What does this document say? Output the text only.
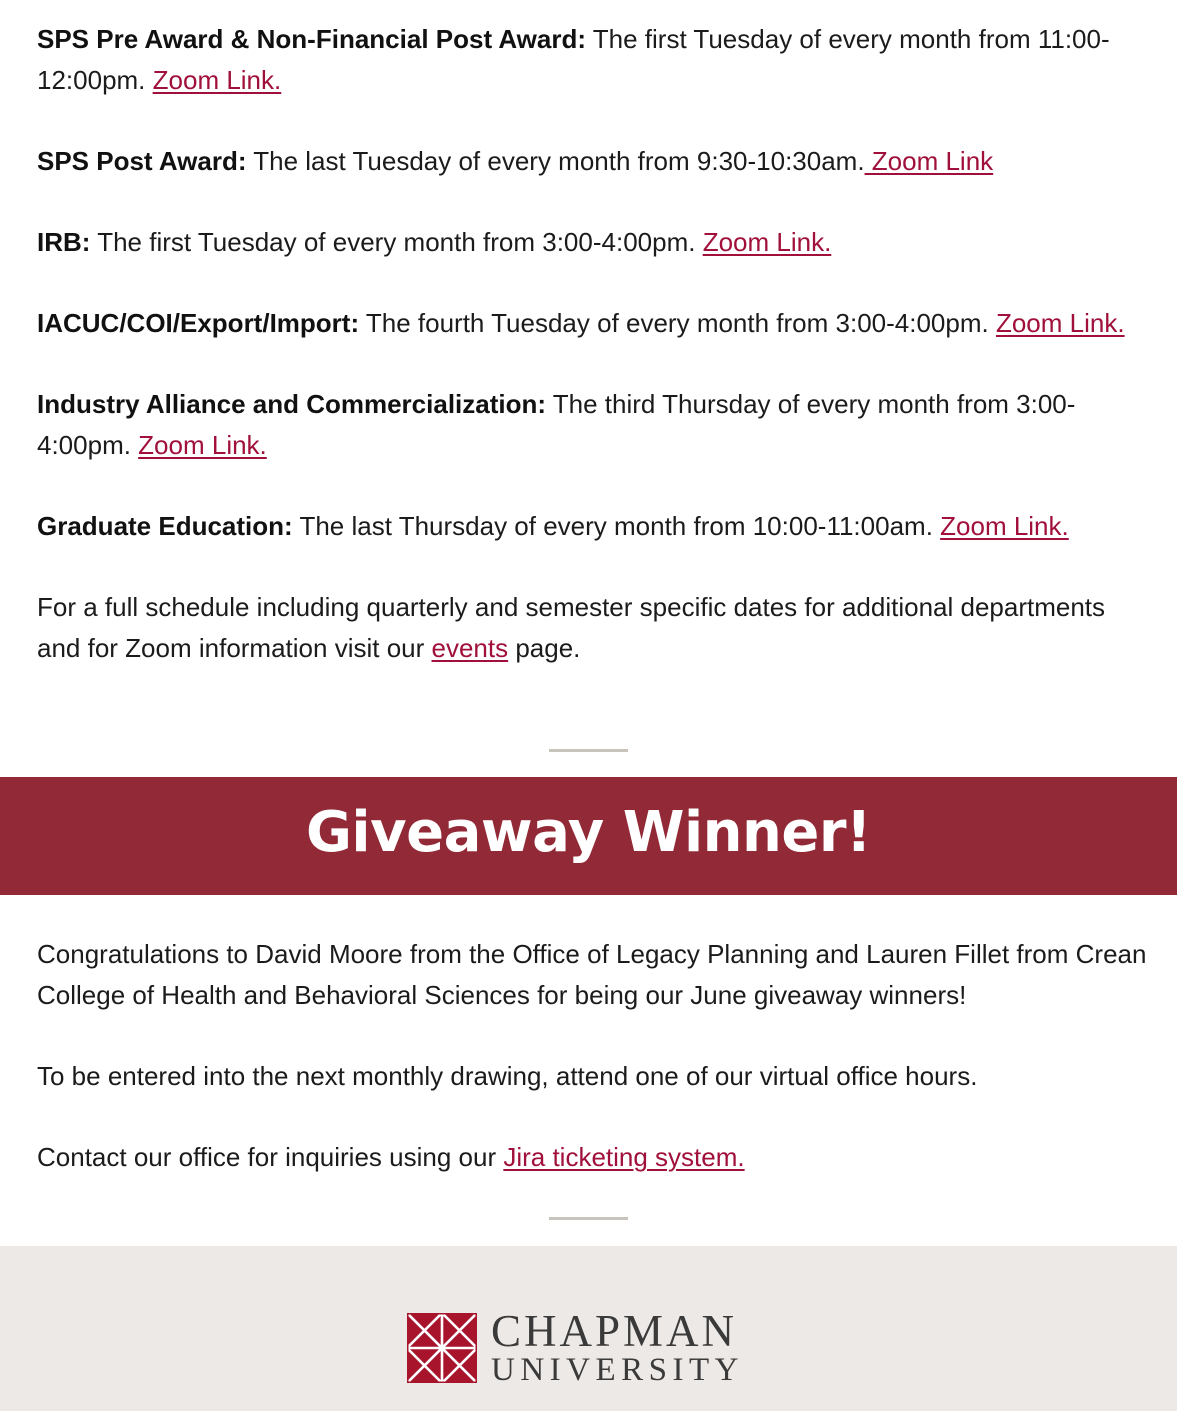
SPS Pre Award & Non-Financial Post Award: The first Tuesday of every month from 11:00-12:00pm. Zoom Link.

SPS Post Award: The last Tuesday of every month from 9:30-10:30am. Zoom Link

IRB: The first Tuesday of every month from 3:00-4:00pm. Zoom Link.

IACUC/COI/Export/Import: The fourth Tuesday of every month from 3:00-4:00pm. Zoom Link.

Industry Alliance and Commercialization: The third Thursday of every month from 3:00-4:00pm. Zoom Link.

Graduate Education: The last Thursday of every month from 10:00-11:00am. Zoom Link.

For a full schedule including quarterly and semester specific dates for additional departments and for Zoom information visit our events page.

Giveaway Winner!

Congratulations to David Moore from the Office of Legacy Planning and Lauren Fillet from Crean College of Health and Behavioral Sciences for being our June giveaway winners!

To be entered into the next monthly drawing, attend one of our virtual office hours.

Contact our office for inquiries using our Jira ticketing system.

CHAPMAN
UNIVERSITY
